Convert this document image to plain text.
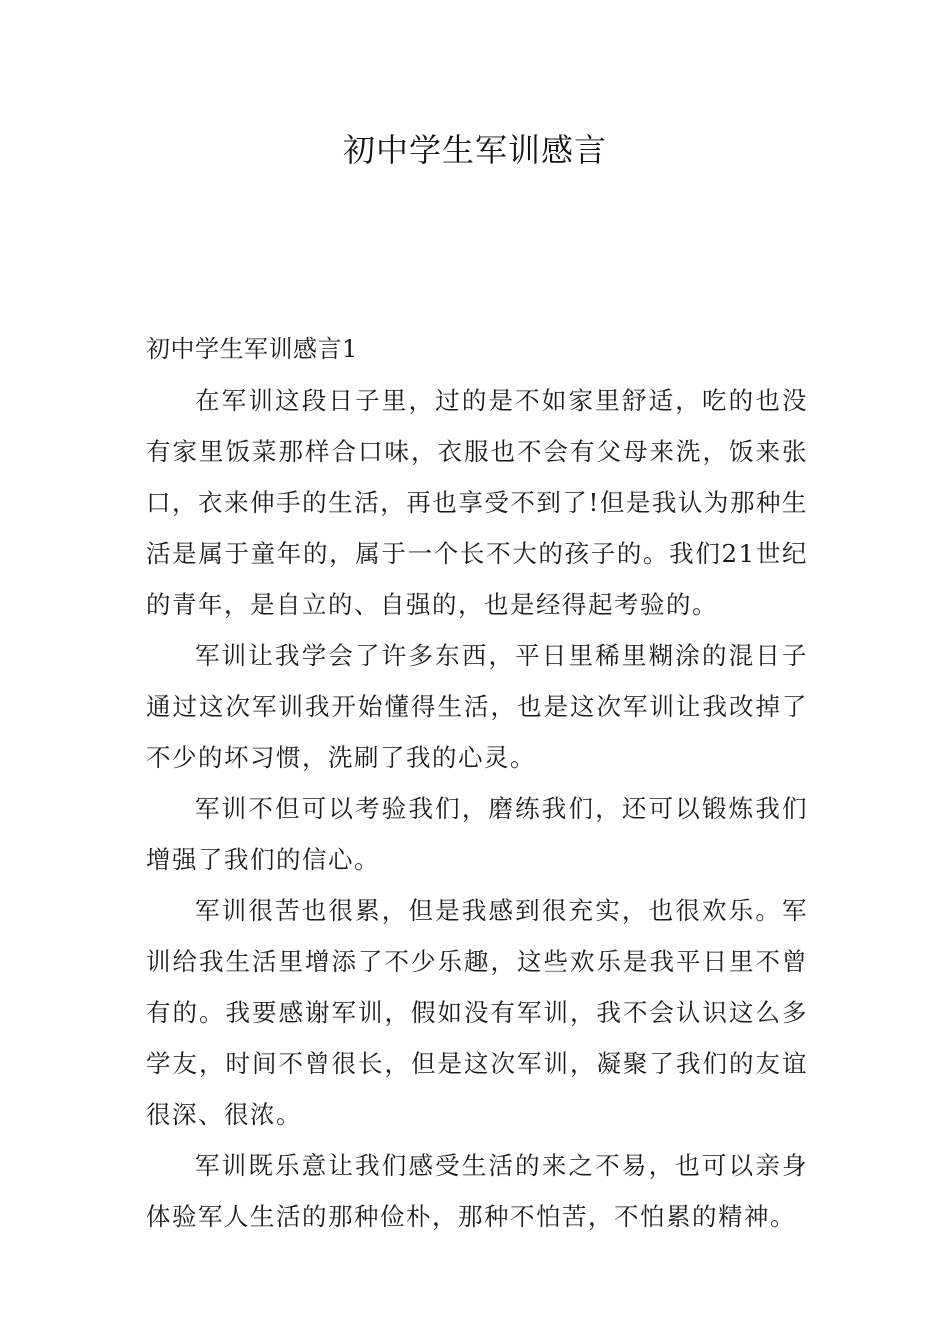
初中学生军训感言
初中学生军训感言1

在军训这段日子里，过的是不如家里舒适，吃的也没有家里饭菜那样合口味，衣服也不会有父母来洗，饭来张口，衣来伸手的生活，再也享受不到了!但是我认为那种生活是属于童年的，属于一个长不大的孩子的。我们21世纪的青年，是自立的、自强的，也是经得起考验的。

军训让我学会了许多东西，平日里稀里糊涂的混日子通过这次军训我开始懂得生活，也是这次军训让我改掉了不少的坏习惯，洗刷了我的心灵。

军训不但可以考验我们，磨练我们，还可以锻炼我们增强了我们的信心。

军训很苦也很累，但是我感到很充实，也很欢乐。军训给我生活里增添了不少乐趣，这些欢乐是我平日里不曾有的。我要感谢军训，假如没有军训，我不会认识这么多学友，时间不曾很长，但是这次军训，凝聚了我们的友谊很深、很浓。

军训既乐意让我们感受生活的来之不易，也可以亲身体验军人生活的那种俭朴，那种不怕苦，不怕累的精神。
